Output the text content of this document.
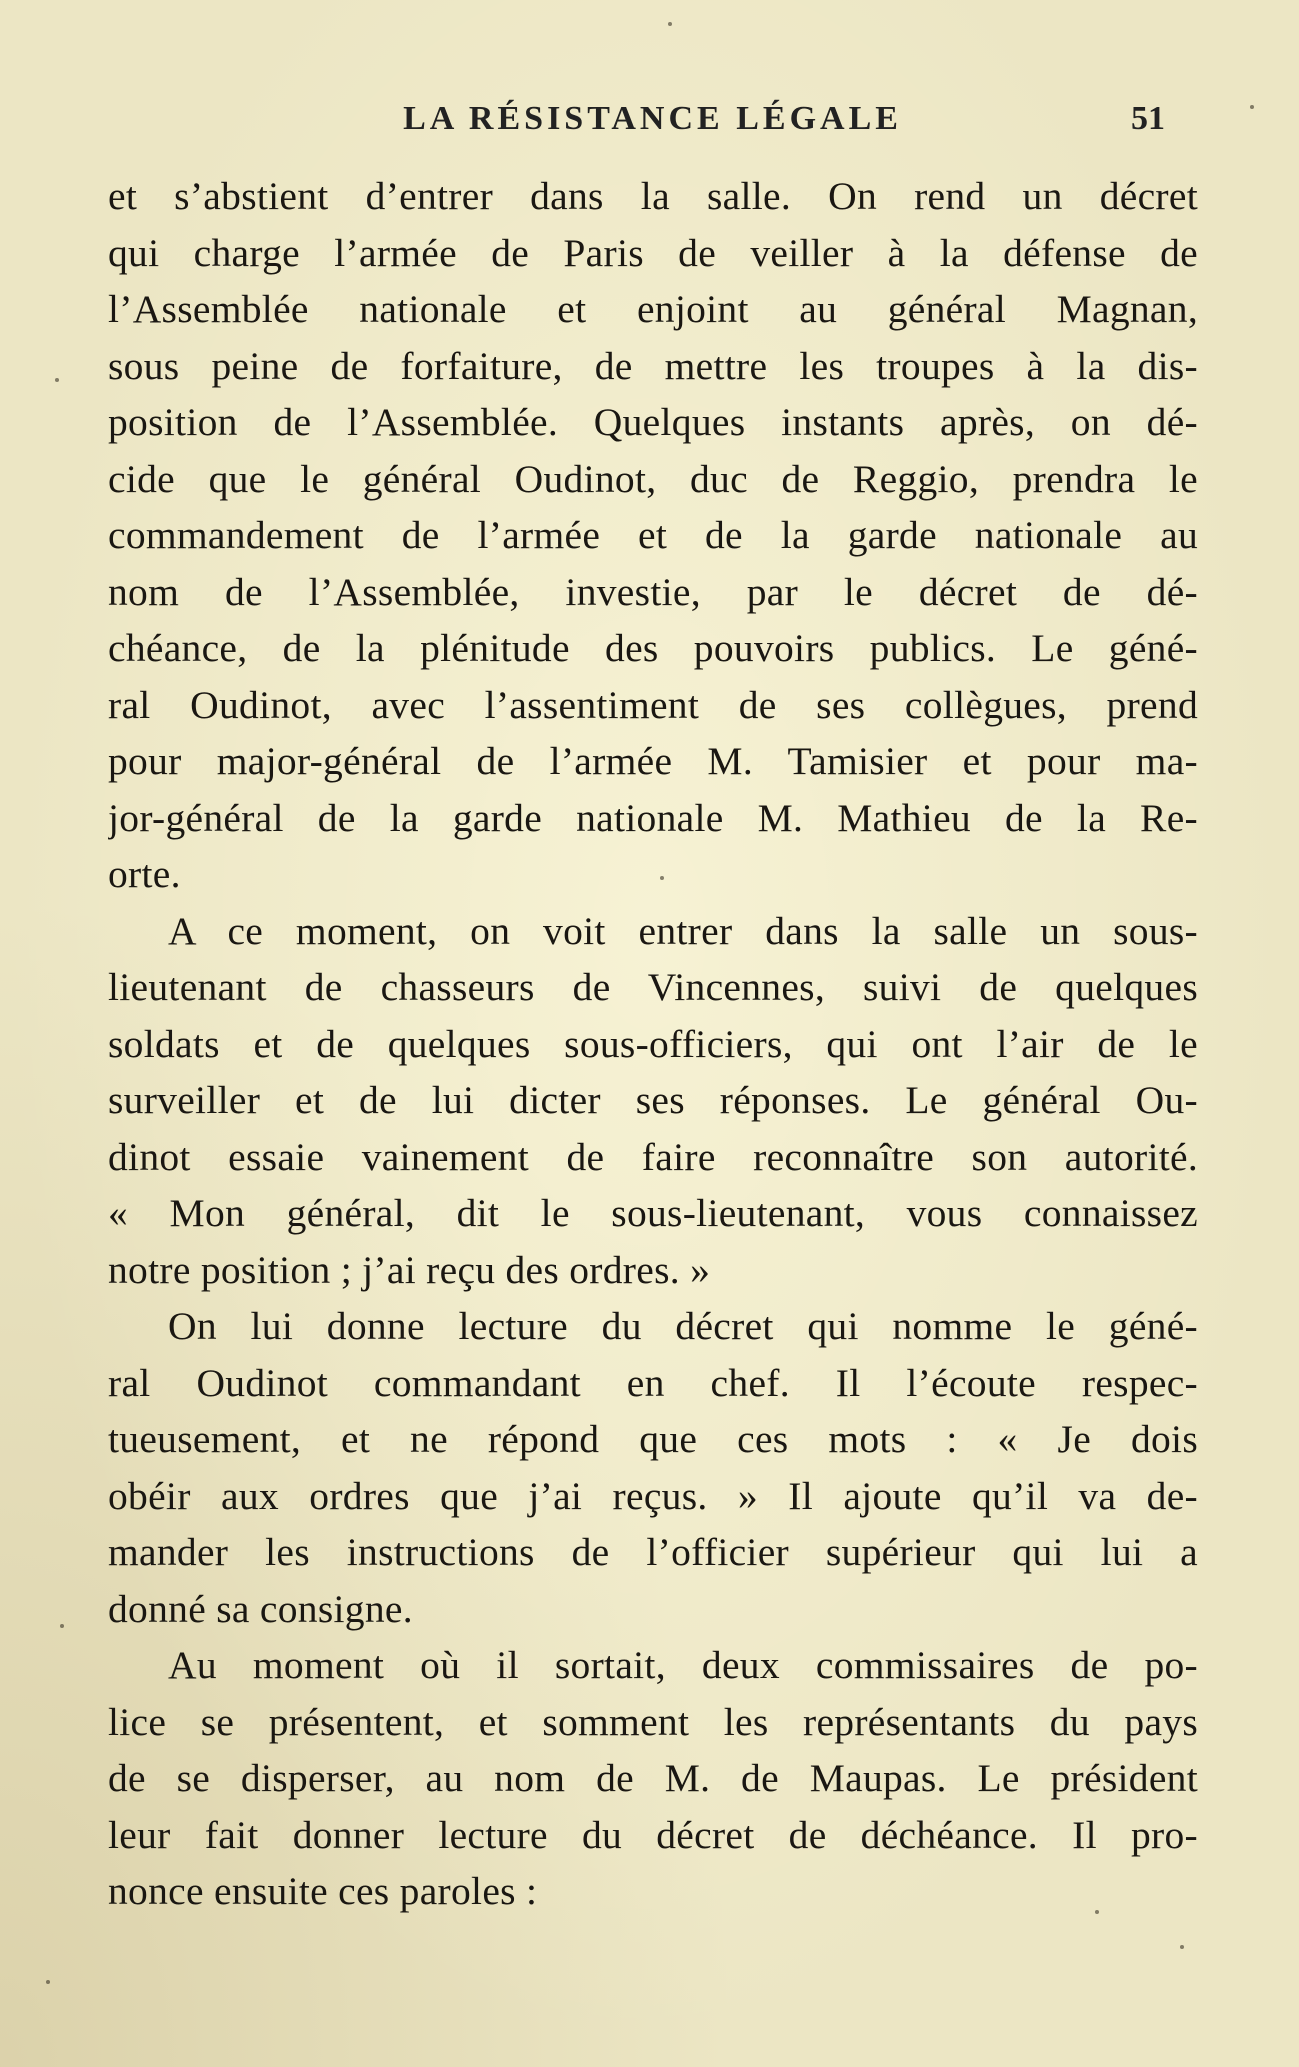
LA RÉSISTANCE LÉGALE	51
et s’abstient d’entrer dans la salle. On rend un décret
qui charge l’armée de Paris de veiller à la défense de
l’Assemblée nationale et enjoint au général Magnan,
sous peine de forfaiture, de mettre les troupes à la dis-
position de l’Assemblée. Quelques instants après, on dé-
cide que le général Oudinot, duc de Reggio, prendra le
commandement de l’armée et de la garde nationale au
nom de l’Assemblée, investie, par le décret de dé-
chéance, de la plénitude des pouvoirs publics. Le géné-
ral Oudinot, avec l’assentiment de ses collègues, prend
pour major-général de l’armée M. Tamisier et pour ma-
jor-général de la garde nationale M. Mathieu de la Re-
orte.
A ce moment, on voit entrer dans la salle un sous-
lieutenant de chasseurs de Vincennes, suivi de quelques
soldats et de quelques sous-officiers, qui ont l’air de le
surveiller et de lui dicter ses réponses. Le général Ou-
dinot essaie vainement de faire reconnaître son autorité.
« Mon général, dit le sous-lieutenant, vous connaissez
notre position ; j’ai reçu des ordres. »
On lui donne lecture du décret qui nomme le géné-
ral Oudinot commandant en chef. Il l’écoute respec-
tueusement, et ne répond que ces mots : « Je dois
obéir aux ordres que j’ai reçus. » Il ajoute qu’il va de-
mander les instructions de l’officier supérieur qui lui a
donné sa consigne.
Au moment où il sortait, deux commissaires de po-
lice se présentent, et somment les représentants du pays
de se disperser, au nom de M. de Maupas. Le président
leur fait donner lecture du décret de déchéance. Il pro-
nonce ensuite ces paroles :
